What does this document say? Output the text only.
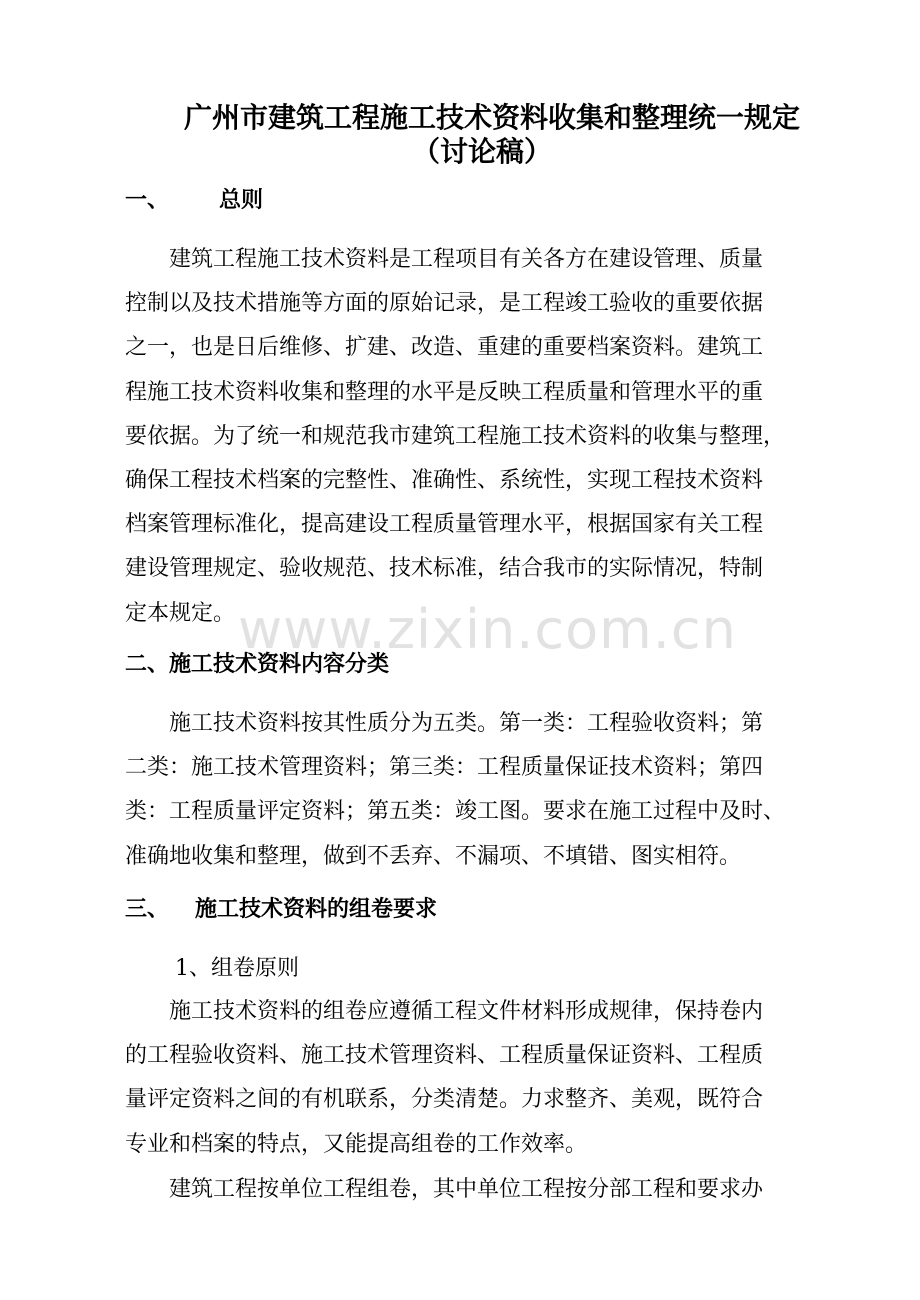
广州市建筑工程施工技术资料收集和整理统一规定
（讨论稿）
一、 总则
　　建筑工程施工技术资料是工程项目有关各方在建设管理、质量
控制以及技术措施等方面的原始记录，是工程竣工验收的重要依据
之一，也是日后维修、扩建、改造、重建的重要档案资料。建筑工
程施工技术资料收集和整理的水平是反映工程质量和管理水平的重
要依据。为了统一和规范我市建筑工程施工技术资料的收集与整理，
确保工程技术档案的完整性、准确性、系统性，实现工程技术资料
档案管理标准化，提高建设工程质量管理水平，根据国家有关工程
建设管理规定、验收规范、技术标准，结合我市的实际情况，特制
定本规定。 www.zixin.com.cn
二、施工技术资料内容分类
　　施工技术资料按其性质分为五类。第一类：工程验收资料；第
二类：施工技术管理资料；第三类：工程质量保证技术资料；第四
类：工程质量评定资料；第五类：竣工图。要求在施工过程中及时、
准确地收集和整理，做到不丢弃、不漏项、不填错、图实相符。
三、 施工技术资料的组卷要求
1、组卷原则
　　施工技术资料的组卷应遵循工程文件材料形成规律，保持卷内
的工程验收资料、施工技术管理资料、工程质量保证资料、工程质
量评定资料之间的有机联系，分类清楚。力求整齐、美观，既符合
专业和档案的特点，又能提高组卷的工作效率。
　　建筑工程按单位工程组卷，其中单位工程按分部工程和要求办
